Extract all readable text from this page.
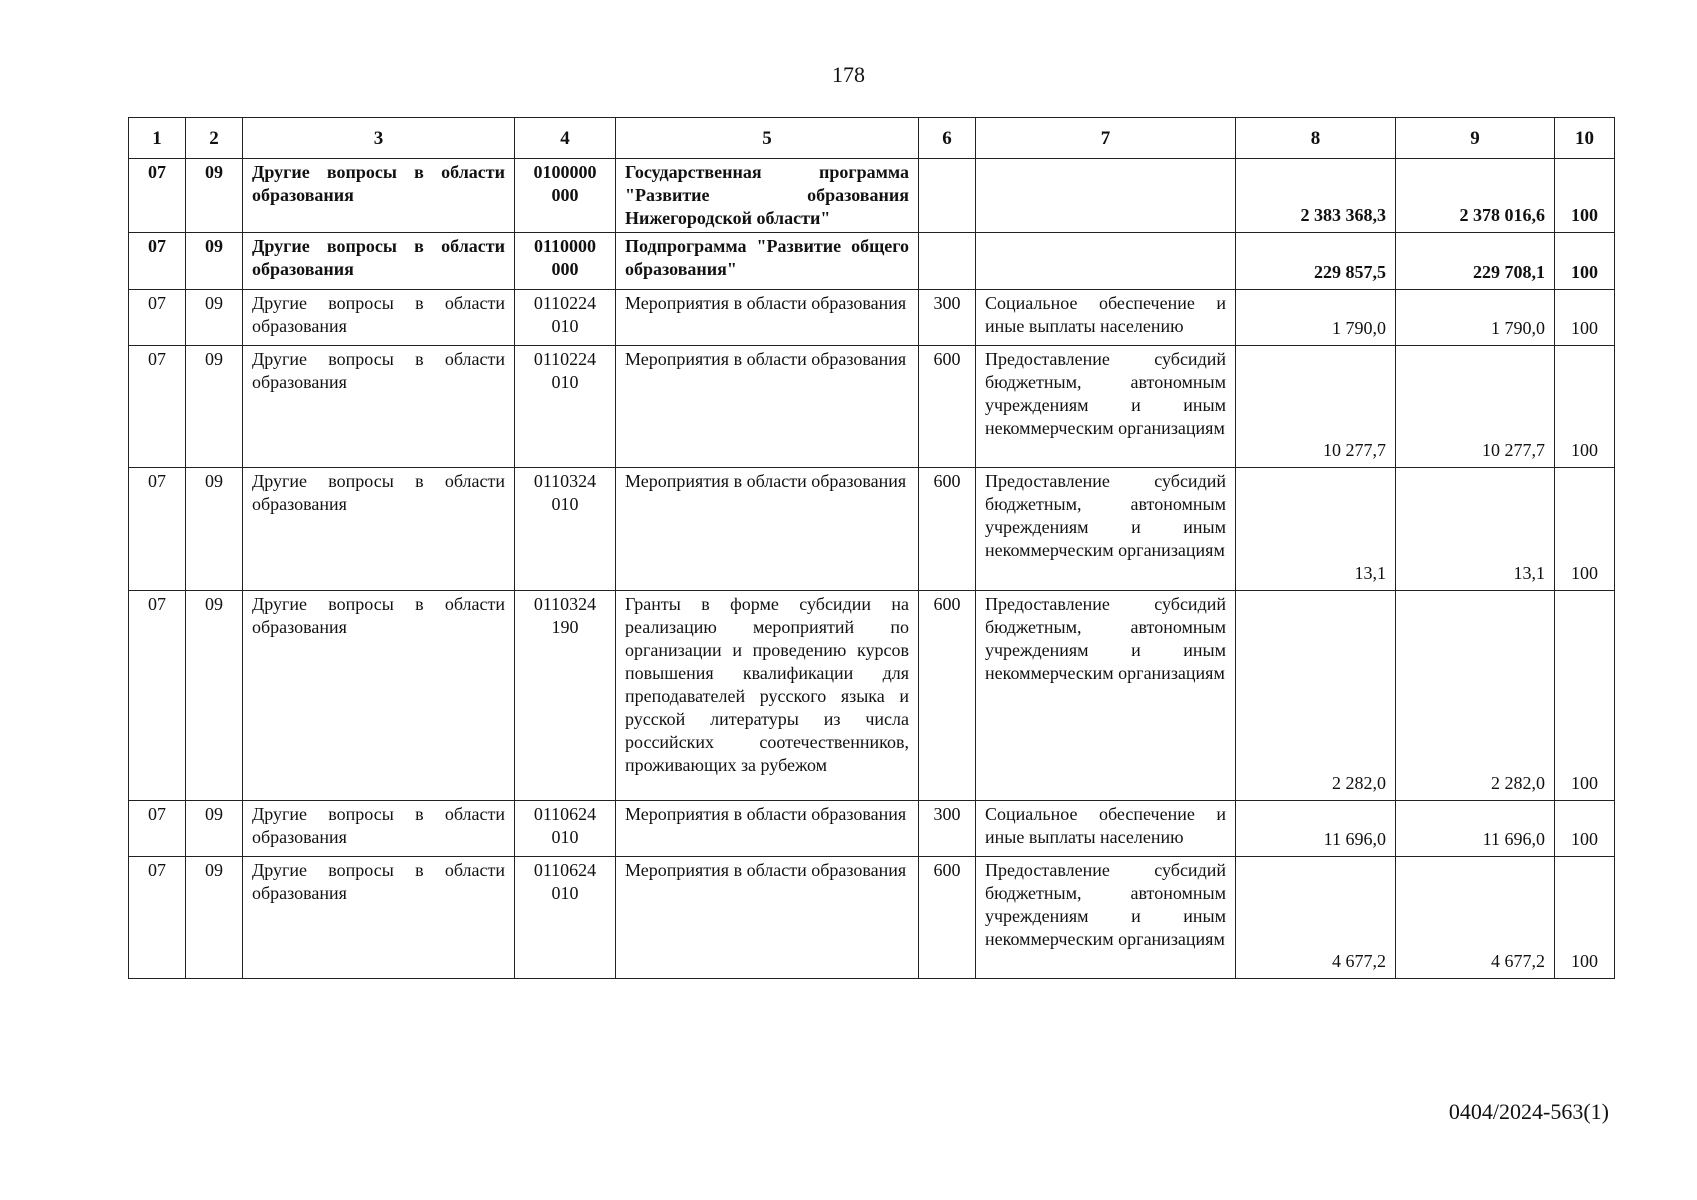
178
1	2	3	4	5	6	7	8	9	10
07	09	Другие вопросы в области образования	0100000 000	Государственная программа "Развитие образования Нижегородской области"			2 383 368,3	2 378 016,6	100
07	09	Другие вопросы в области образования	0110000 000	Подпрограмма "Развитие общего образования"			229 857,5	229 708,1	100
07	09	Другие вопросы в области образования	0110224 010	Мероприятия в области образования	300	Социальное обеспечение и иные выплаты населению	1 790,0	1 790,0	100
07	09	Другие вопросы в области образования	0110224 010	Мероприятия в области образования	600	Предоставление субсидий бюджетным, автономным учреждениям и иным некоммерческим организациям	10 277,7	10 277,7	100
07	09	Другие вопросы в области образования	0110324 010	Мероприятия в области образования	600	Предоставление субсидий бюджетным, автономным учреждениям и иным некоммерческим организациям	13,1	13,1	100
07	09	Другие вопросы в области образования	0110324 190	Гранты в форме субсидии на реализацию мероприятий по организации и проведению курсов повышения квалификации для преподавателей русского языка и русской литературы из числа российских соотечественников, проживающих за рубежом	600	Предоставление субсидий бюджетным, автономным учреждениям и иным некоммерческим организациям	2 282,0	2 282,0	100
07	09	Другие вопросы в области образования	0110624 010	Мероприятия в области образования	300	Социальное обеспечение и иные выплаты населению	11 696,0	11 696,0	100
07	09	Другие вопросы в области образования	0110624 010	Мероприятия в области образования	600	Предоставление субсидий бюджетным, автономным учреждениям и иным некоммерческим организациям	4 677,2	4 677,2	100
0404/2024-563(1)
